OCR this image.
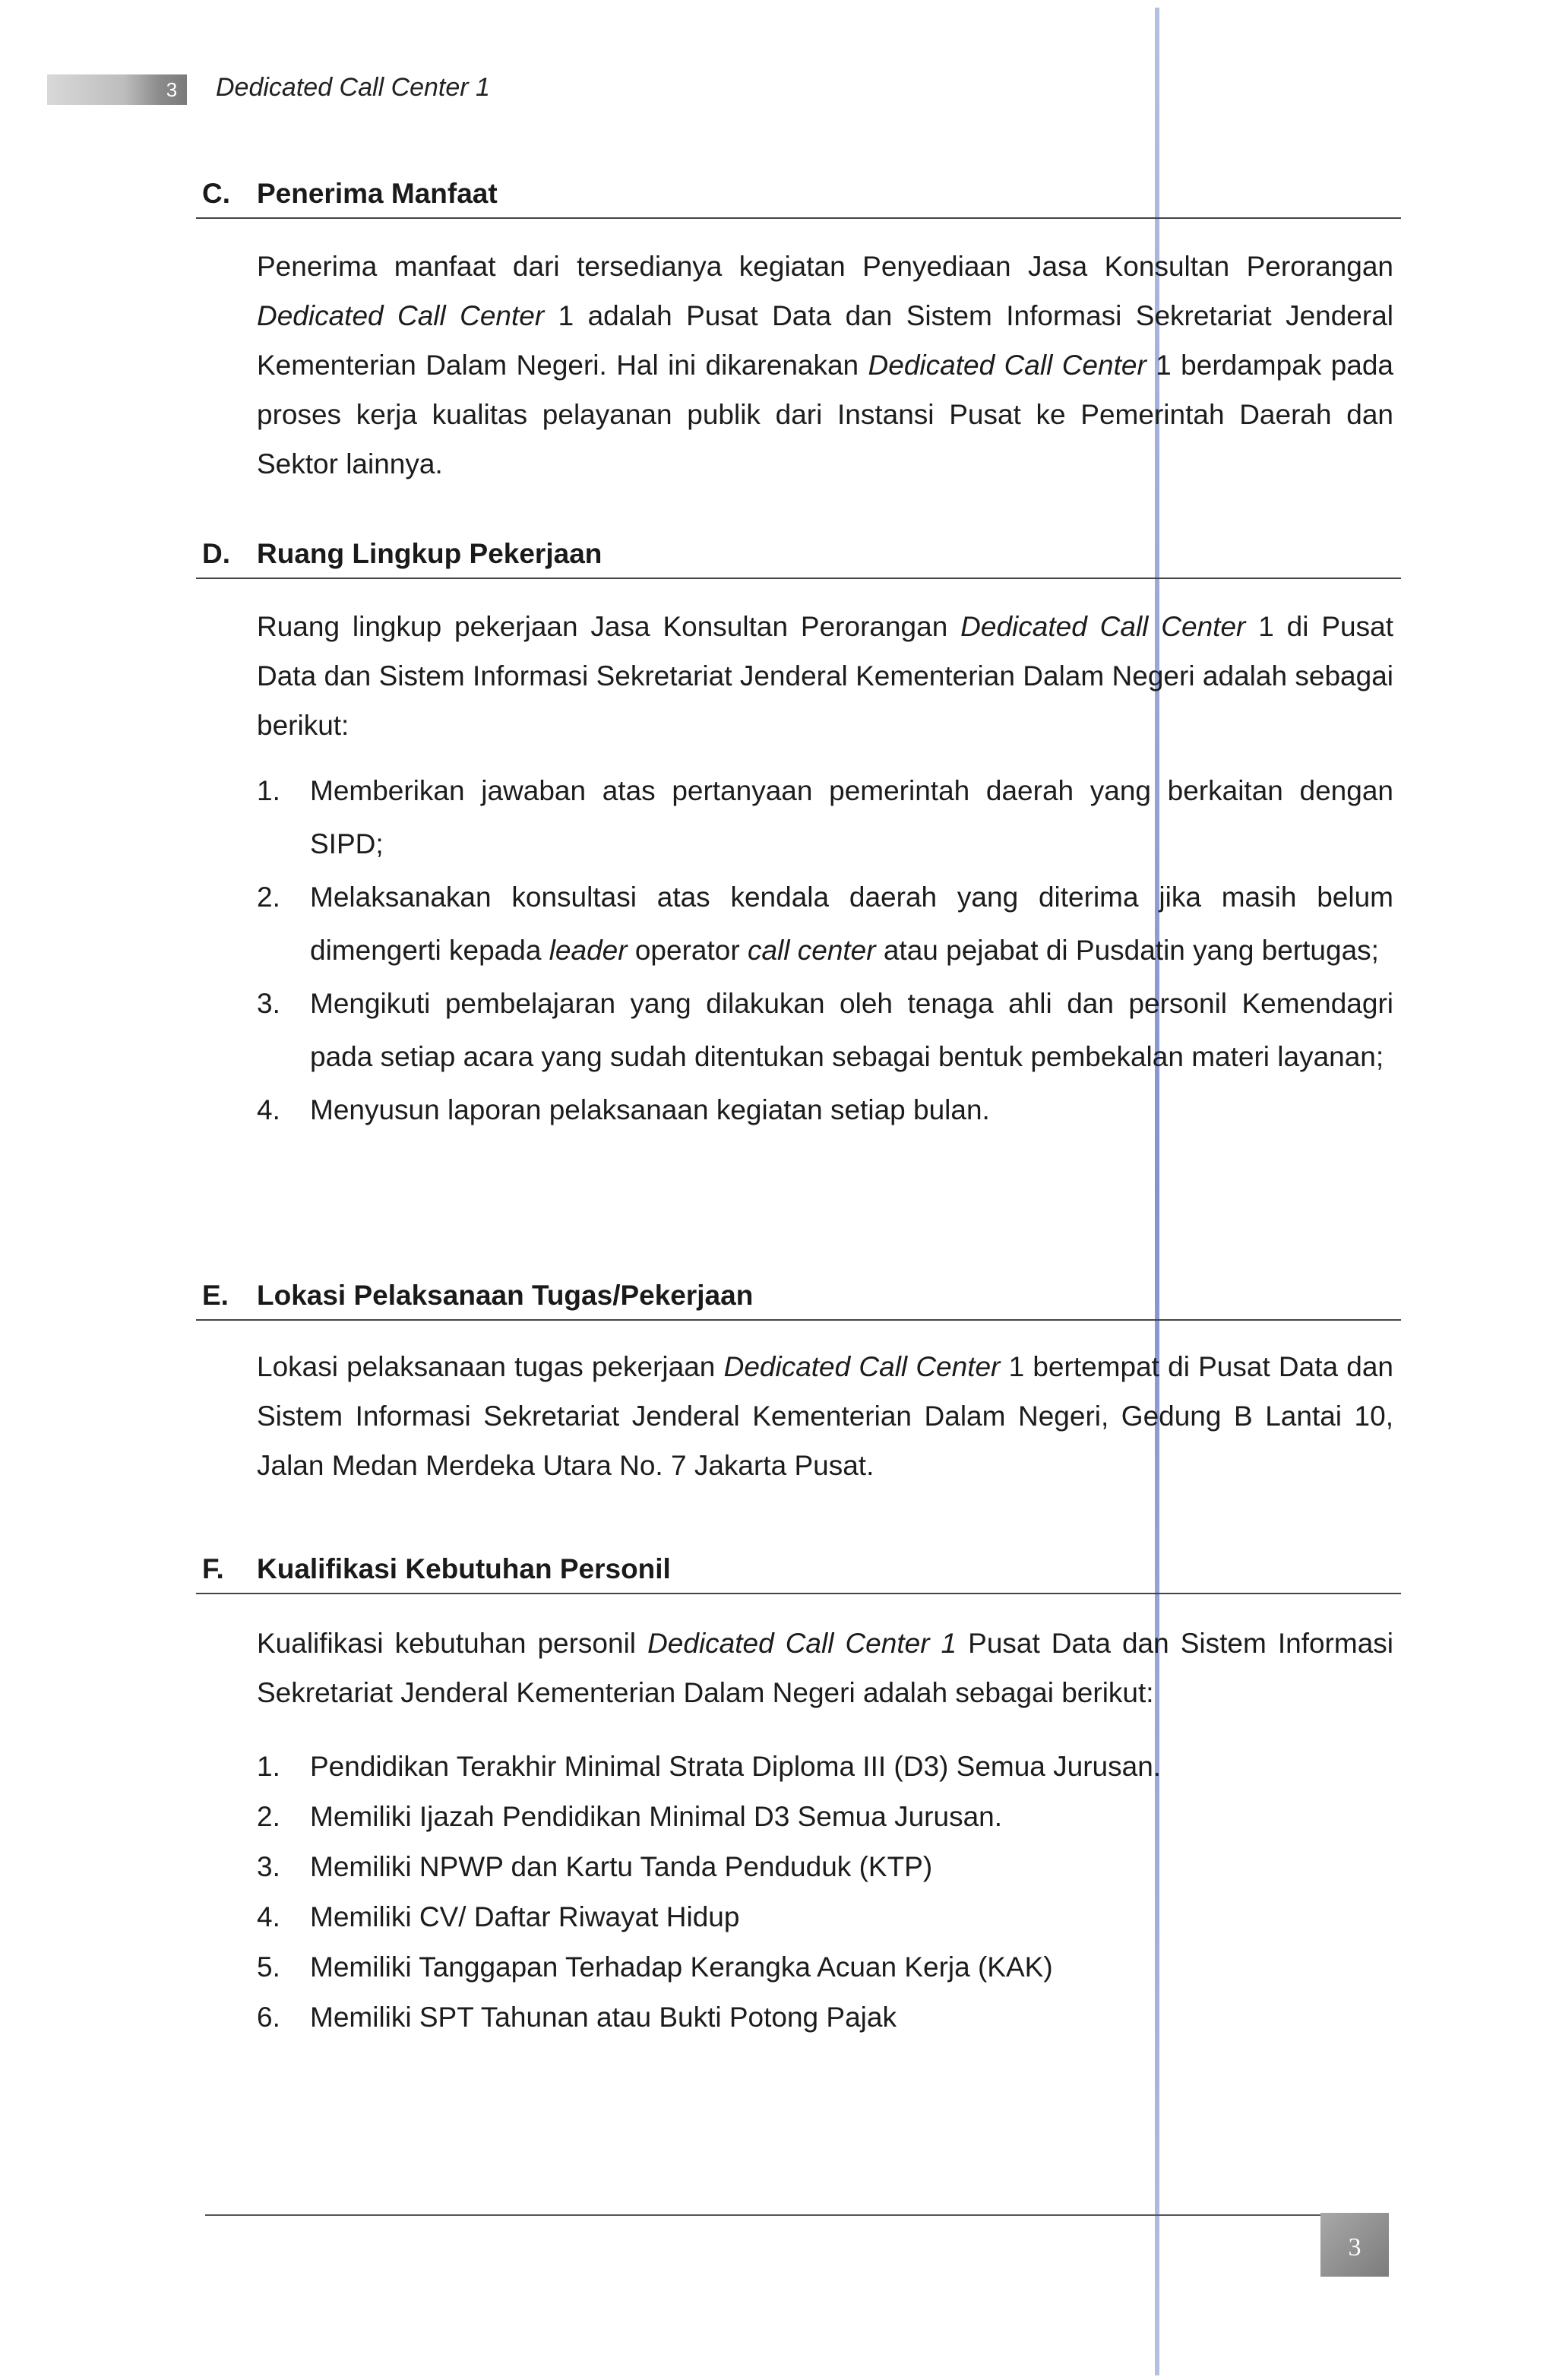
3	Dedicated Call Center 1
C. Penerima Manfaat

Penerima manfaat dari tersedianya kegiatan Penyediaan Jasa Konsultan Perorangan Dedicated Call Center 1 adalah Pusat Data dan Sistem Informasi Sekretariat Jenderal Kementerian Dalam Negeri. Hal ini dikarenakan Dedicated Call Center 1 berdampak pada proses kerja kualitas pelayanan publik dari Instansi Pusat ke Pemerintah Daerah dan Sektor lainnya.

D. Ruang Lingkup Pekerjaan

Ruang lingkup pekerjaan Jasa Konsultan Perorangan Dedicated Call Center 1 di Pusat Data dan Sistem Informasi Sekretariat Jenderal Kementerian Dalam Negeri adalah sebagai berikut:

1. Memberikan jawaban atas pertanyaan pemerintah daerah yang berkaitan dengan SIPD;
2. Melaksanakan konsultasi atas kendala daerah yang diterima jika masih belum dimengerti kepada leader operator call center atau pejabat di Pusdatin yang bertugas;
3. Mengikuti pembelajaran yang dilakukan oleh tenaga ahli dan personil Kemendagri pada setiap acara yang sudah ditentukan sebagai bentuk pembekalan materi layanan;
4. Menyusun laporan pelaksanaan kegiatan setiap bulan.
E. Lokasi Pelaksanaan Tugas/Pekerjaan

Lokasi pelaksanaan tugas pekerjaan Dedicated Call Center 1 bertempat di Pusat Data dan Sistem Informasi Sekretariat Jenderal Kementerian Dalam Negeri, Gedung B Lantai 10, Jalan Medan Merdeka Utara No. 7 Jakarta Pusat.

F. Kualifikasi Kebutuhan Personil

Kualifikasi kebutuhan personil Dedicated Call Center 1 Pusat Data dan Sistem Informasi Sekretariat Jenderal Kementerian Dalam Negeri adalah sebagai berikut:

1. Pendidikan Terakhir Minimal Strata Diploma III (D3) Semua Jurusan.
2. Memiliki Ijazah Pendidikan Minimal D3 Semua Jurusan.
3. Memiliki NPWP dan Kartu Tanda Penduduk (KTP)
4. Memiliki CV/ Daftar Riwayat Hidup
5. Memiliki Tanggapan Terhadap Kerangka Acuan Kerja (KAK)
6. Memiliki SPT Tahunan atau Bukti Potong Pajak
3
